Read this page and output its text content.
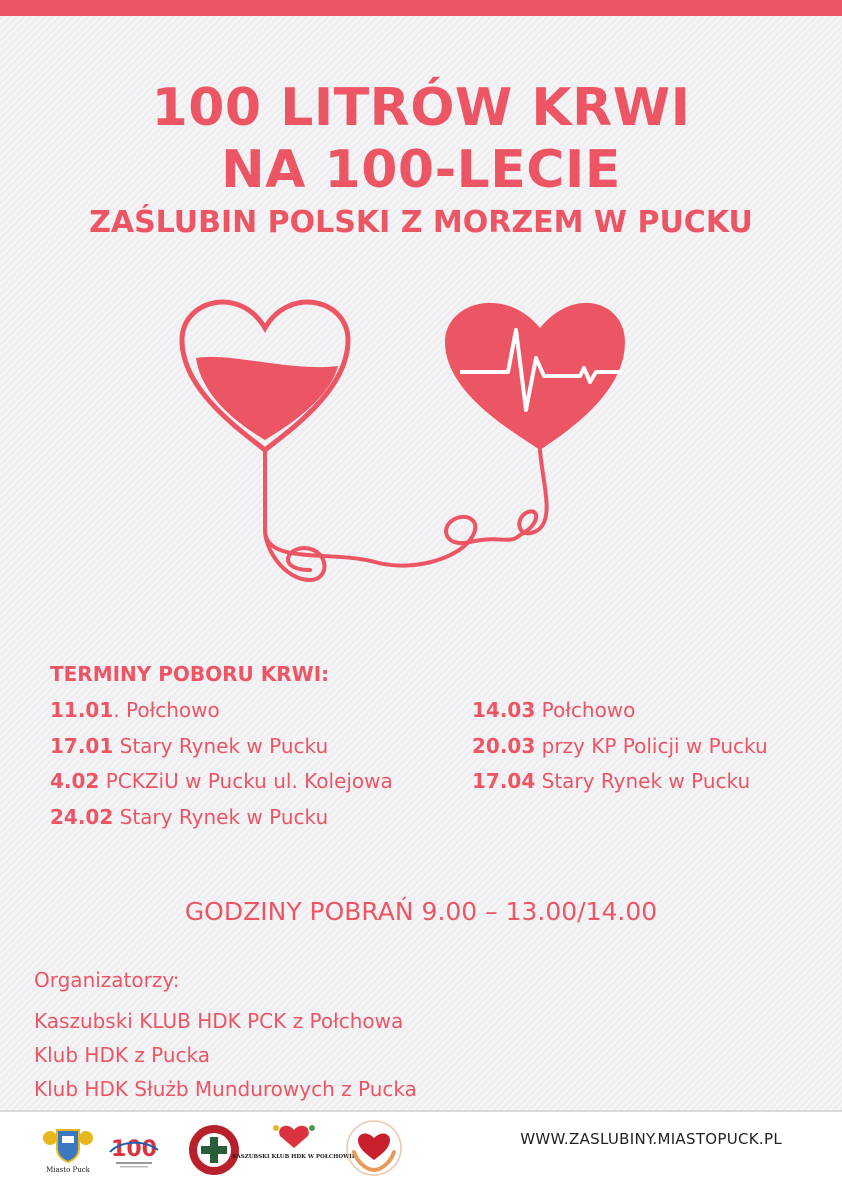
100 LITRÓW KRWI
NA 100-LECIE
ZAŚLUBIN POLSKI Z MORZEM W PUCKU
TERMINY POBORU KRWI:
11.01. Połchowo
17.01 Stary Rynek w Pucku
4.02 PCKZiU w Pucku ul. Kolejowa
24.02 Stary Rynek w Pucku
14.03 Połchowo
20.03 przy KP Policji w Pucku
17.04 Stary Rynek w Pucku
GODZINY POBRAŃ 9.00 – 13.00/14.00

Organizatorzy:

Kaszubski KLUB HDK PCK z Połchowa

Klub HDK z Pucka

Klub HDK Służb Mundurowych z Pucka

Miasto Puck
100	KASZUBSKI KLUB HDK W POŁCHOWIE
WWW.ZASLUBINY.MIASTOPUCK.PL
